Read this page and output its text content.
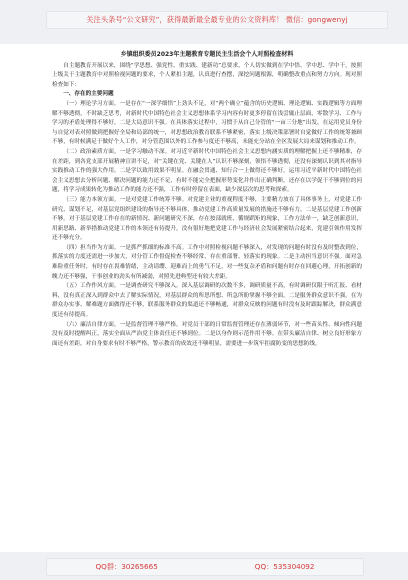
关注头条号“公文研究”，获得最新最全最专业的公文资料库！ 微信：gongwenyj
乡镇组织委员2023年主题教育专题民主生活会个人对照检查材料

自主题教育开展以来，围绕“学思想、强党性、重实践、建新功”总要求，个人切实做到在学中悟、学中思、学中干，按照上级关于主题教育中对照检视问题的要求，个人紧扣主题，认真进行查摆，深挖问题根源，明确整改重点和努力方向。现对照检查如下：

一、存在的主要问题

（一）理论学习方面。一是存在“一深学细悟”上劲头不足，对“两个确立”蕴含的历史逻辑、理论逻辑、实践逻辑等方面理解不够透彻，不时缺乏思考，对新时代中国特色社会主义思想体系学习内容有时更多停留在浅尝辄止层面，零散学习、工作与学习的矛盾处理得不够好，二是大局意识不强。在具体落实过程中，习惯于从自己分管的“一亩三分地”出发，在运用党员身份与自觉对表对照做到把握好全局和局部的统一，对思想政治教育联系不够紧密，落实上级决策部署时自觉做好工作的统筹兼顾不够，有时候满足于做好个人工作，对分管范围以外的工作参与度还不够高，未能充分站在全区发展大局来谋划和推动工作。

（二）政治素质方面。一是学习触动不深。对习近平新时代中国特色社会主义思想内涵实质的理解把握上还不够精准，存在差距，到各党支部开展精神宣讲不足，对“关键在党、关键在人”认识不够深刻，领悟不够透彻，还没有深刻认识到其对指导实践推动工作的强大作用。二是学以致用效果不明显。在融会贯通、知行合一上做得还不够好，运用习近平新时代中国特色社会主义思想去分析问题、解决问题的能力还不足，有时不能完全把握形势变化并作出正确判断，还存在以学促干不够到位的问题，将学习成果转化为推动工作的能力还不强，工作有时停留在表面，缺少深层次的思考和探索。

（三）能力本领方面。一是对党建工作统筹不够。对党建主业的重视程度不够，主要精力放在了具体事务上，对党建工作研究、谋划不足，对基层党组织建设的指导还不够具体，推动党建工作高质量发展的措施还不够有力。二是基层党建工作创新不够。对于基层党建工作存在的新情况、新问题研究不深，存在按部就班、循规蹈矩的现象，工作方法单一，缺乏创新意识，用新思路、新举措推动党建工作的本领还有待提升，没有很好地把党建工作与经济社会发展紧密结合起来，党建引领作用发挥还不够充分。

（四）担当作为方面。一是抓严抓细的标准不高。工作中对照检视问题不够深入，对发现的问题有时没有及时整改到位，抓落实的力度还需进一步加大，对分管工作督促检查不够经常，存在重部署、轻落实的现象。二是主动担当意识不强。面对急难险重任务时，有时存在畏难情绪，主动请缨、迎难而上的勇气不足，对一些复杂矛盾和问题有时存在回避心理，开拓创新的魄力还不够强，干事创业的劲头有所减弱，对照先进典型还有较大差距。

（五）工作作风方面。一是调查研究不够深入。深入基层调研的次数不多，调研质量不高，有时调研仅限于听汇报、看材料，没有真正深入到群众中去了解实际情况，对基层群众的所思所想、所急所盼掌握不够全面。二是服务群众意识不强。在为群众办实事、解难题方面做得还不够，联系服务群众的渠道还不够畅通，对群众反映的问题有时没有及时跟踪解决，群众满意度还有待提高。

（六）廉洁自律方面。一是监督管理不够严格。对党员干部的日常监督管理还存在薄弱环节，对一些苗头性、倾向性问题没有及时提醒纠正，落实全面从严治党主体责任还不够到位。二是以身作则示范作用不够。在带头廉洁自律、树立良好形象方面还有差距，对自身要求有时不够严格，警示教育的成效还不够明显，需要进一步筑牢拒腐防变的思想防线。

QQ群：30265665	QQ：535304092
